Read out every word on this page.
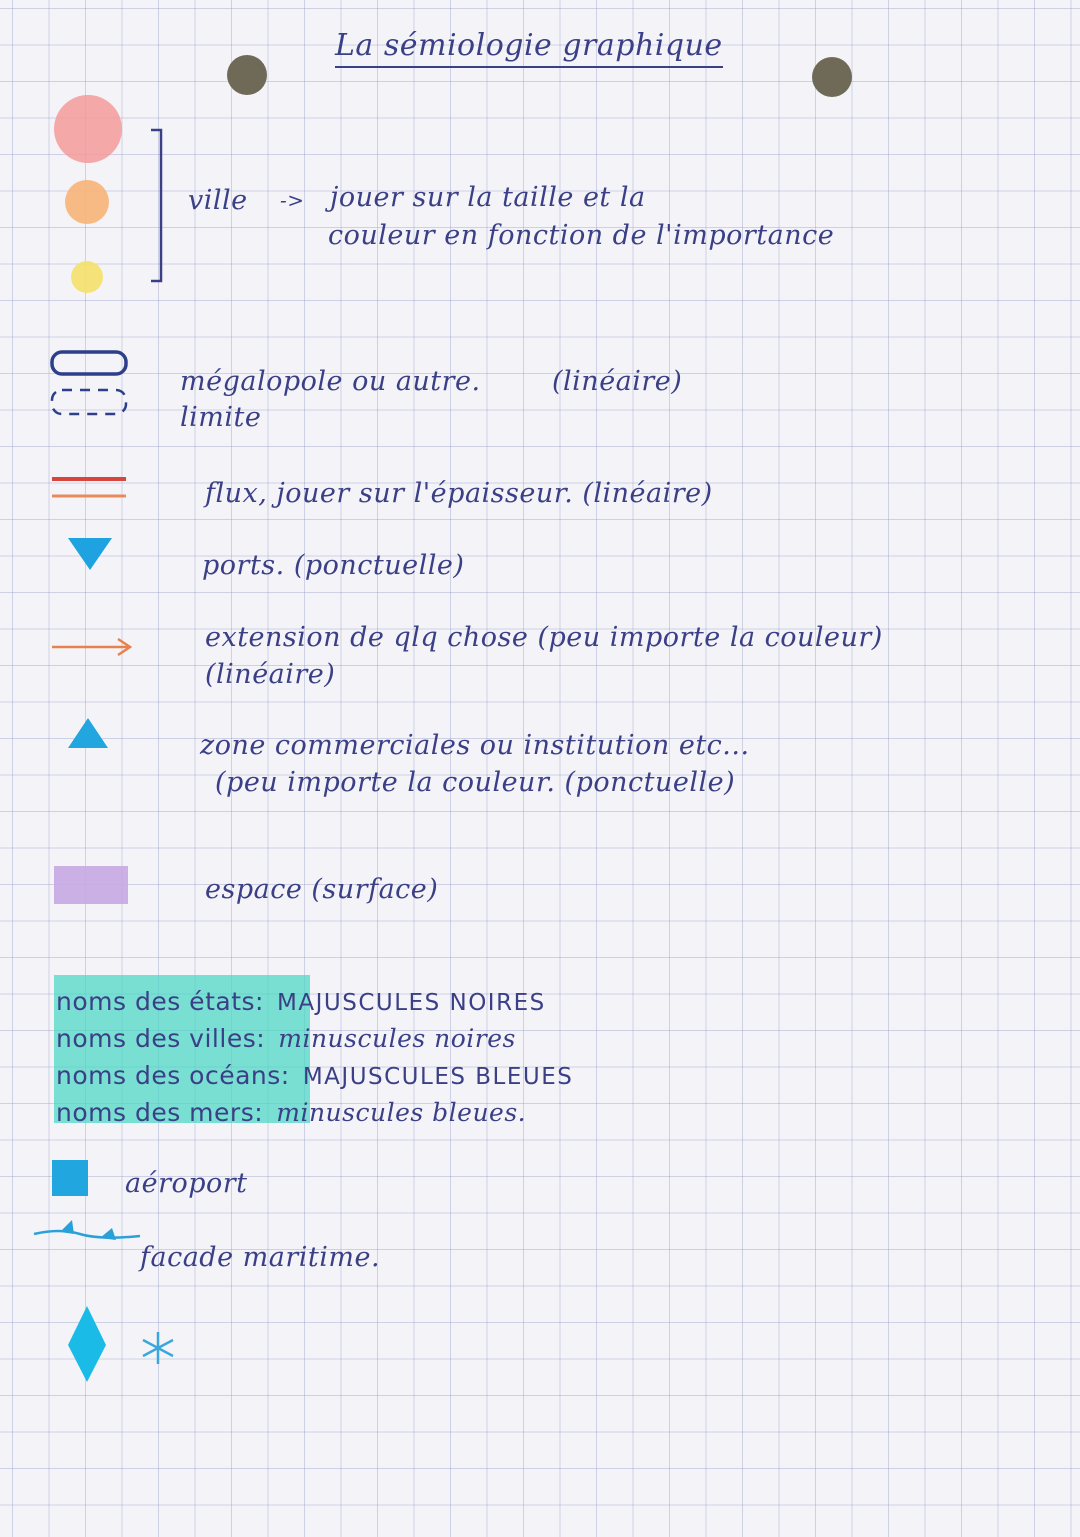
La sémiologie graphique
ville -> jouer sur la taille et la
couleur en fonction de l'importance
mégalopole ou autre.	(linéaire)
limite
flux, jouer sur l'épaisseur. (linéaire)
ports. (ponctuelle)
extension de qlq chose (peu importe la couleur)
(linéaire)
zone commerciales ou institution etc...
(peu importe la couleur. (ponctuelle)
espace (surface)
noms des états: MAJUSCULES NOIRES
noms des villes: minuscules noires
noms des océans: MAJUSCULES BLEUES
noms des mers: minuscules bleues.
aéroport
facade maritime.
